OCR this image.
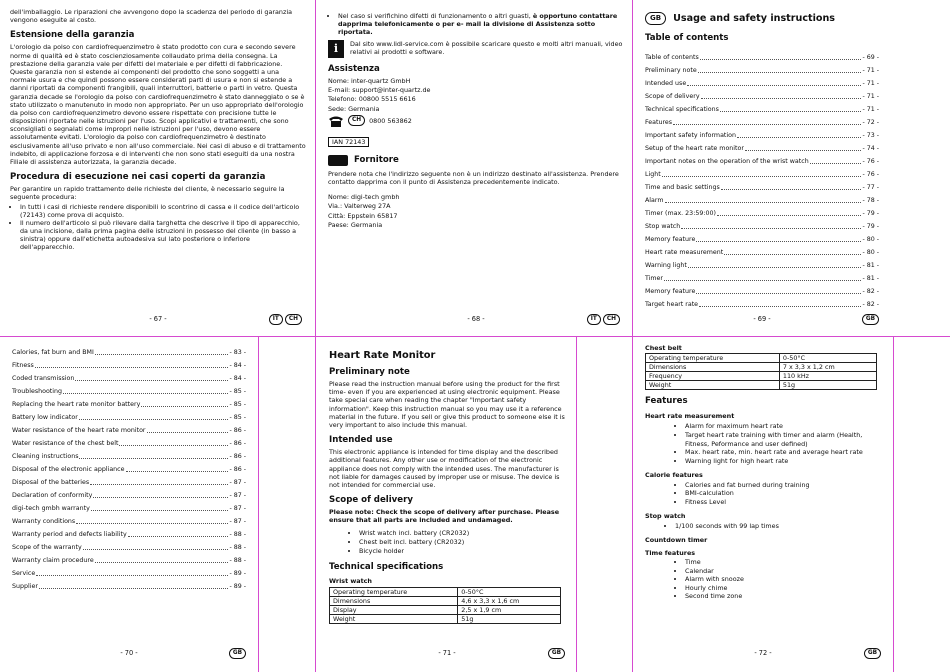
dell'imballaggio. Le riparazioni che avvengono dopo la scadenza del periodo di garanzia vengono eseguite al costo.

Estensione della garanzia

L'orologio da polso con cardiofrequenzimetro è stato prodotto con cura e secondo severe norme di qualità ed è stato coscienziosamente collaudato prima della consegna. La prestazione della garanzia vale per difetti del materiale e per difetti di fabbricazione. Queste garanzia non si estende ai componenti del prodotto che sono soggetti a una normale usura e che quindi possono essere considerati parti di usura e non si estende a danni riportati da componenti frangibili, quali interruttori, batterie o parti in vetro. Questa garanzia decade se l'orologio da polso con cardiofrequenzimetro è stato danneggiato o se è stato utilizzato o manutenuto in modo non appropriato. Per un uso appropriato dell'orologio da polso con cardiofrequenzimetro devono essere rispettate con precisione tutte le disposizioni riportate nelle istruzioni per l'uso. Scopi applicativi e trattamenti, che sono sconsigliati o segnalati come impropri nelle istruzioni per l'uso, devono essere assolutamente evitati. L'orologio da polso con cardiofrequenzimetro è destinato esclusivamente all'uso privato e non all'uso commerciale. Nei casi di abuso e di trattamento indebito, di applicazione forzosa e di interventi che non sono stati eseguiti da una nostra Filiale di assistenza autorizzata, la garanzia decade.

Procedura di esecuzione nei casi coperti da garanzia

Per garantire un rapido trattamento delle richieste del cliente, è necessario seguire la seguente procedura:

• In tutti i casi di richieste rendere disponibili lo scontrino di cassa e il codice dell'articolo (72143) come prova di acquisto.
• Il numero dell'articolo si può rilevare dalla targhetta che descrive il tipo di apparecchio, da una incisione, dalla prima pagina delle istruzioni in possesso del cliente (in basso a sinistra) oppure dall'etichetta autoadesiva sul lato posteriore o inferiore dell'apparecchio.
- 67 -	IT	CH
• Nel caso si verifichino difetti di funzionamento o altri guasti, è opportuno contattare dapprima telefonicamente o per e- mail la divisione di Assistenza sotto riportata.
i	Dal sito www.lidl-service.com è possibile scaricare questo e molti altri manuali, video relativi ai prodotti e software.

Assistenza

Nome: inter-quartz GmbH

E-mail: support@inter-quartz.de

Telefono: 00800 5515 6616

Sede: Germania

CH	0800 563862
IAN 72143
Fornitore

Prendere nota che l'indirizzo seguente non è un indirizzo destinato all'assistenza. Prendere contatto dapprima con il punto di Assistenza precedentemente indicato.

Nome: digi-tech gmbh

Via.: Valterweg 27A

Città: Eppstein 65817

Paese: Germania

- 68 -	IT	CH
GB	Usage and safety instructions
Table of contents
Table of contents	- 69 -
Preliminary note	- 71 -
Intended use	- 71 -
Scope of delivery	- 71 -
Technical specifications	- 71 -
Features	- 72 -
Important safety information	- 73 -
Setup of the heart rate monitor	- 74 -
Important notes on the operation of the wrist watch	- 76 -
Light	- 76 -
Time and basic settings	- 77 -
Alarm	- 78 -
Timer (max. 23:59:00)	- 79 -
Stop watch	- 79 -
Memory feature	- 80 -
Heart rate measurement	- 80 -
Warning light	- 81 -
Timer	- 81 -
Memory feature	- 82 -
Target heart rate	- 82 -
- 69 -	GB
Calories, fat burn and BMI	- 83 -
Fitness	- 84 -
Coded transmission	- 84 -
Troubleshooting	- 85 -
Replacing the heart rate monitor battery	- 85 -
Battery low indicator	- 85 -
Water resistance of the heart rate monitor	- 86 -
Water resistance of the chest belt	- 86 -
Cleaning instructions	- 86 -
Disposal of the electronic appliance	- 86 -
Disposal of the batteries	- 87 -
Declaration of conformity	- 87 -
digi-tech gmbh warranty	- 87 -
Warranty conditions	- 87 -
Warranty period and defects liability	- 88 -
Scope of the warranty	- 88 -
Warranty claim procedure	- 88 -
Service	- 89 -
Supplier	- 89 -
- 70 -	GB
Heart Rate Monitor
Preliminary note

Please read the instruction manual before using the product for the first time- even if you are experienced at using electronic equipment. Please take special care when reading the chapter "Important safety information". Keep this instruction manual so you may use it a reference material in the future. If you sell or give this product to someone else it is very important to also include this manual.

Intended use

This electronic appliance is intended for time display and the described additional features. Any other use or modification of the electronic appliance does not comply with the intended uses. The manufacturer is not liable for damages caused by improper use or misuse. The device is not intended for commercial use.

Scope of delivery

Please note: Check the scope of delivery after purchase. Please ensure that all parts are included and undamaged.

• Wrist watch incl. battery (CR2032)
• Chest belt incl. battery (CR2032)
• Bicycle holder
Technical specifications
Wrist watch
Operating temperature	0-50°C
Dimensions	4,6 x 3,3 x 1,6 cm
Display	2,5 x 1,9 cm
Weight	51g
- 71 -	GB
Chest belt
Operating temperature	0-50°C
Dimensions	7 x 3,3 x 1,2 cm
Frequency	110 kHz
Weight	51g
Features
Heart rate measurement
• Alarm for maximum heart rate
• Target heart rate training with timer and alarm (Health, Fitness, Peformance and user defined)
• Max. heart rate, min. heart rate and average heart rate
• Warning light for high heart rate
Calorie features
• Calories and fat burned during training
• BMI-calculation
• Fitness Level
Stop watch
• 1/100 seconds with 99 lap times
Countdown timer
Time features
• Time
• Calendar
• Alarm with snooze
• Hourly chime
• Second time zone
- 72 -	GB
